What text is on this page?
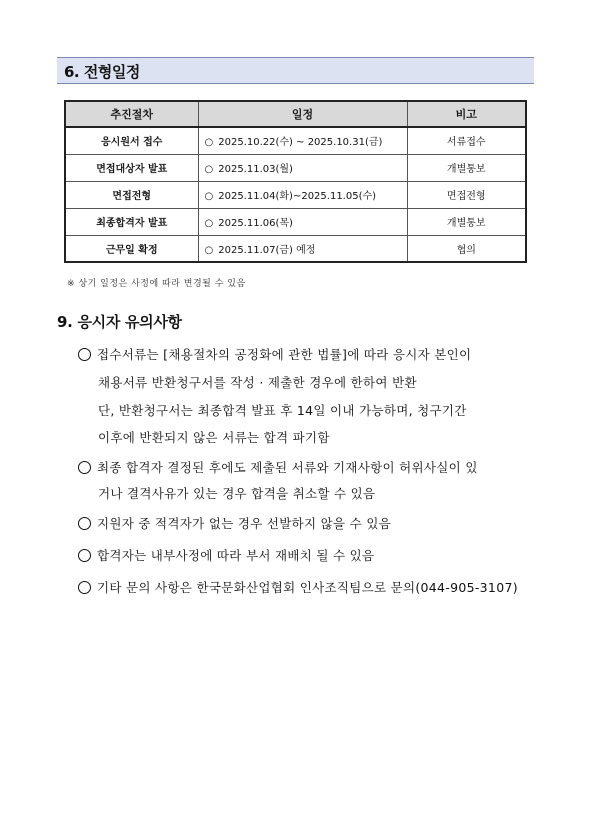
6. 전형일정
추진절차	일정	비고
응시원서 접수	○ 2025.10.22(수) ~ 2025.10.31(금)	서류접수
면접대상자 발표	○ 2025.11.03(월)	개별통보
면접전형	○ 2025.11.04(화)~2025.11.05(수)	면접전형
최종합격자 발표	○ 2025.11.06(목)	개별통보
근무일 확정	○ 2025.11.07(금) 예정	협의
※ 상기 일정은 사정에 따라 변경될 수 있음
9. 응시자 유의사항
접수서류는 [채용절차의 공정화에 관한 법률]에 따라 응시자 본인이
채용서류 반환청구서를 작성 · 제출한 경우에 한하여 반환
단, 반환청구서는 최종합격 발표 후 14일 이내 가능하며, 청구기간
이후에 반환되지 않은 서류는 합격 파기함
최종 합격자 결정된 후에도 제출된 서류와 기재사항이 허위사실이 있
거나 결격사유가 있는 경우 합격을 취소할 수 있음
지원자 중 적격자가 없는 경우 선발하지 않을 수 있음
합격자는 내부사정에 따라 부서 재배치 될 수 있음
기타 문의 사항은 한국문화산업협회 인사조직팀으로 문의(044-905-3107)
